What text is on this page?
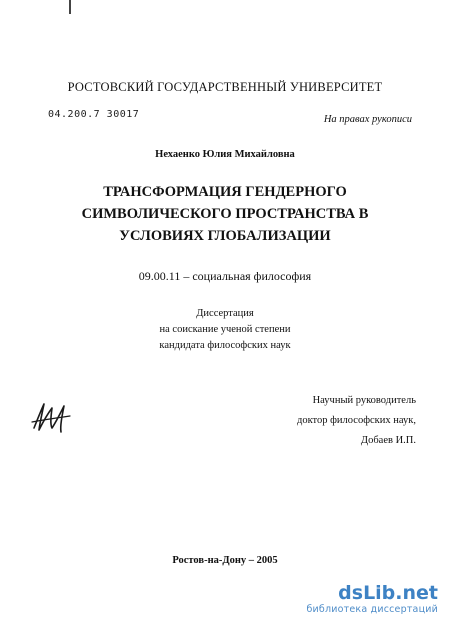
РОСТОВСКИЙ ГОСУДАРСТВЕННЫЙ УНИВЕРСИТЕТ
04.200.7 30017	На правах рукописи
Нехаенко Юлия Михайловна
ТРАНСФОРМАЦИЯ ГЕНДЕРНОГО
СИМВОЛИЧЕСКОГО ПРОСТРАНСТВА В
УСЛОВИЯХ ГЛОБАЛИЗАЦИИ
09.00.11 – социальная философия
Диссертация
на соискание ученой степени
кандидата философских наук
Научный руководитель
доктор философских наук,
Добаев И.П.
Ростов-на-Дону – 2005
dsLib.net
библиотека диссертаций
